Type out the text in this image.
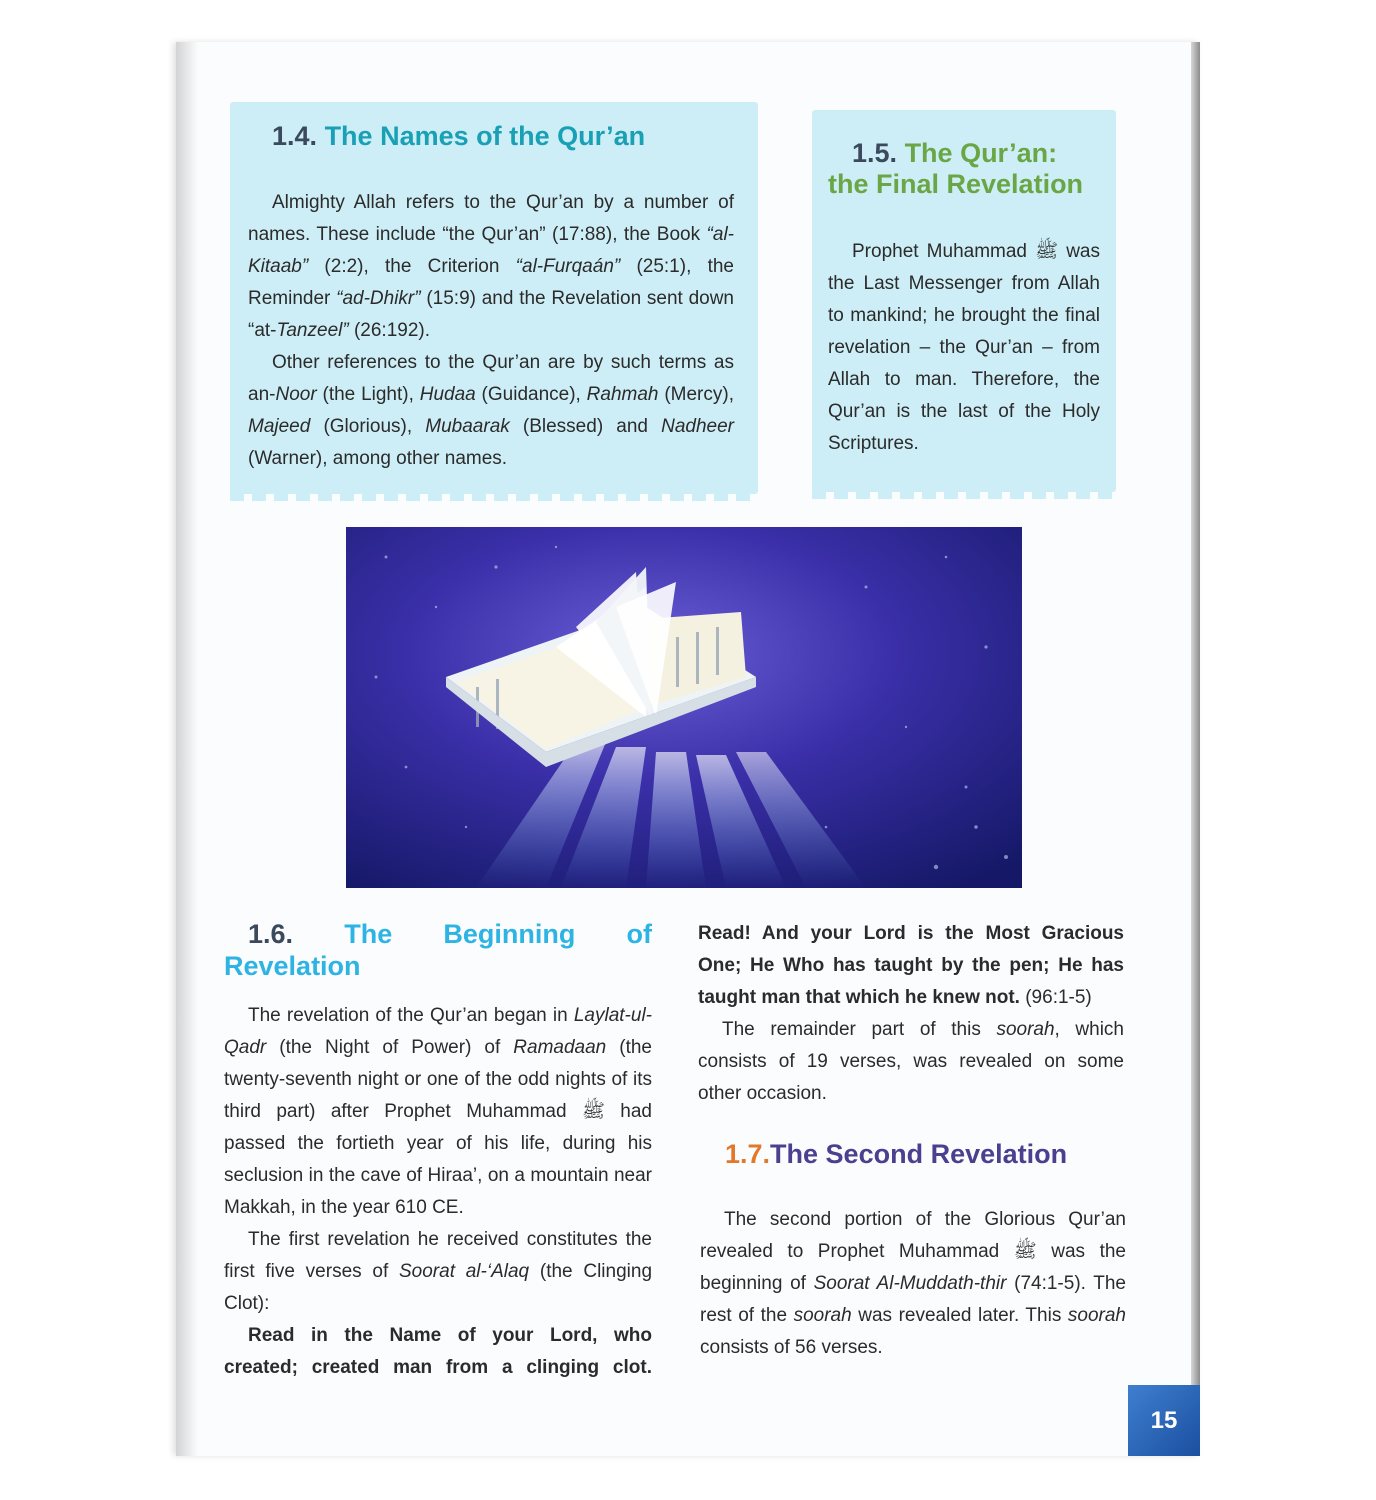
1.4. The Names of the Qur’an

Almighty Allah refers to the Qur’an by a number of names. These include “the Qur’an” (17:88), the Book “al-Kitaab” (2:2), the Criterion “al-Furqaán” (25:1), the Reminder “ad-Dhikr” (15:9) and the Revelation sent down “at-Tanzeel” (26:192).

Other references to the Qur’an are by such terms as an-Noor (the Light), Hudaa (Guidance), Rahmah (Mercy), Majeed (Glorious), Mubaarak (Blessed) and Nadheer (Warner), among other names.

1.5. The Qur’an:
the Final Revelation

Prophet Muhammad ﷺ was the Last Messenger from Allah to mankind; he brought the final revelation – the Qur’an – from Allah to man. Therefore, the Qur’an is the last of the Holy Scriptures.

1.6. The Beginning of
Revelation

The revelation of the Qur’an began in Laylat-ul-Qadr (the Night of Power) of Ramadaan (the twenty-seventh night or one of the odd nights of its third part) after Prophet Muhammad ﷺ had passed the fortieth year of his life, during his seclusion in the cave of Hiraa’, on a mountain near Makkah, in the year 610 CE.

The first revelation he received constitutes the first five verses of Soorat al-‘Alaq (the Clinging Clot):

Read in the Name of your Lord, who created; created man from a clinging clot.

Read! And your Lord is the Most Gracious One; He Who has taught by the pen; He has taught man that which he knew not. (96:1-5)

The remainder part of this soorah, which consists of 19 verses, was revealed on some other occasion.

1.7.The Second Revelation

The second portion of the Glorious Qur’an revealed to Prophet Muhammad ﷺ was the beginning of Soorat Al-Muddath-thir (74:1-5). The rest of the soorah was revealed later. This soorah consists of 56 verses.

15
